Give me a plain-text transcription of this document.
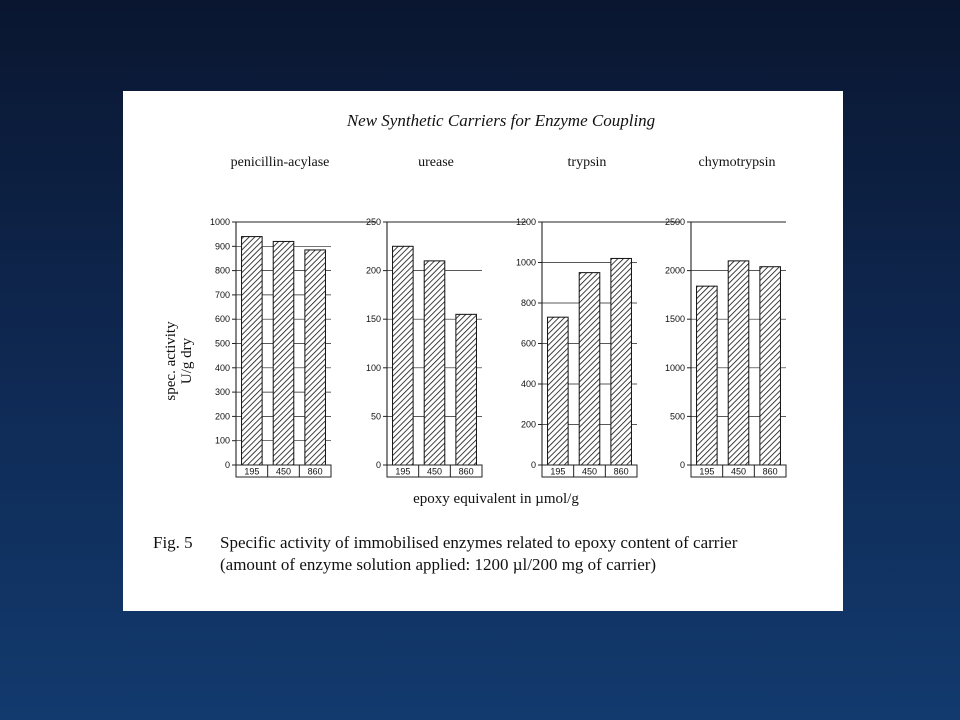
New Synthetic Carriers for Enzyme Coupling
penicillin-acylase
0
100
200
300
400
500
600
700
800
900
1000
195 450 860
urease
0
50
100
150
200
250
195 450 860
trypsin
0
200
400
600
800
1000
1200
195 450 860
chymotrypsin
0
500
1000
1500
2000
2500
195 450 860
spec. activity U/g dry
epoxy equivalent in µmol/g
Fig. 5 Specific activity of immobilised enzymes related to epoxy content of carrier
(amount of enzyme solution applied: 1200 µl/200 mg of carrier)
